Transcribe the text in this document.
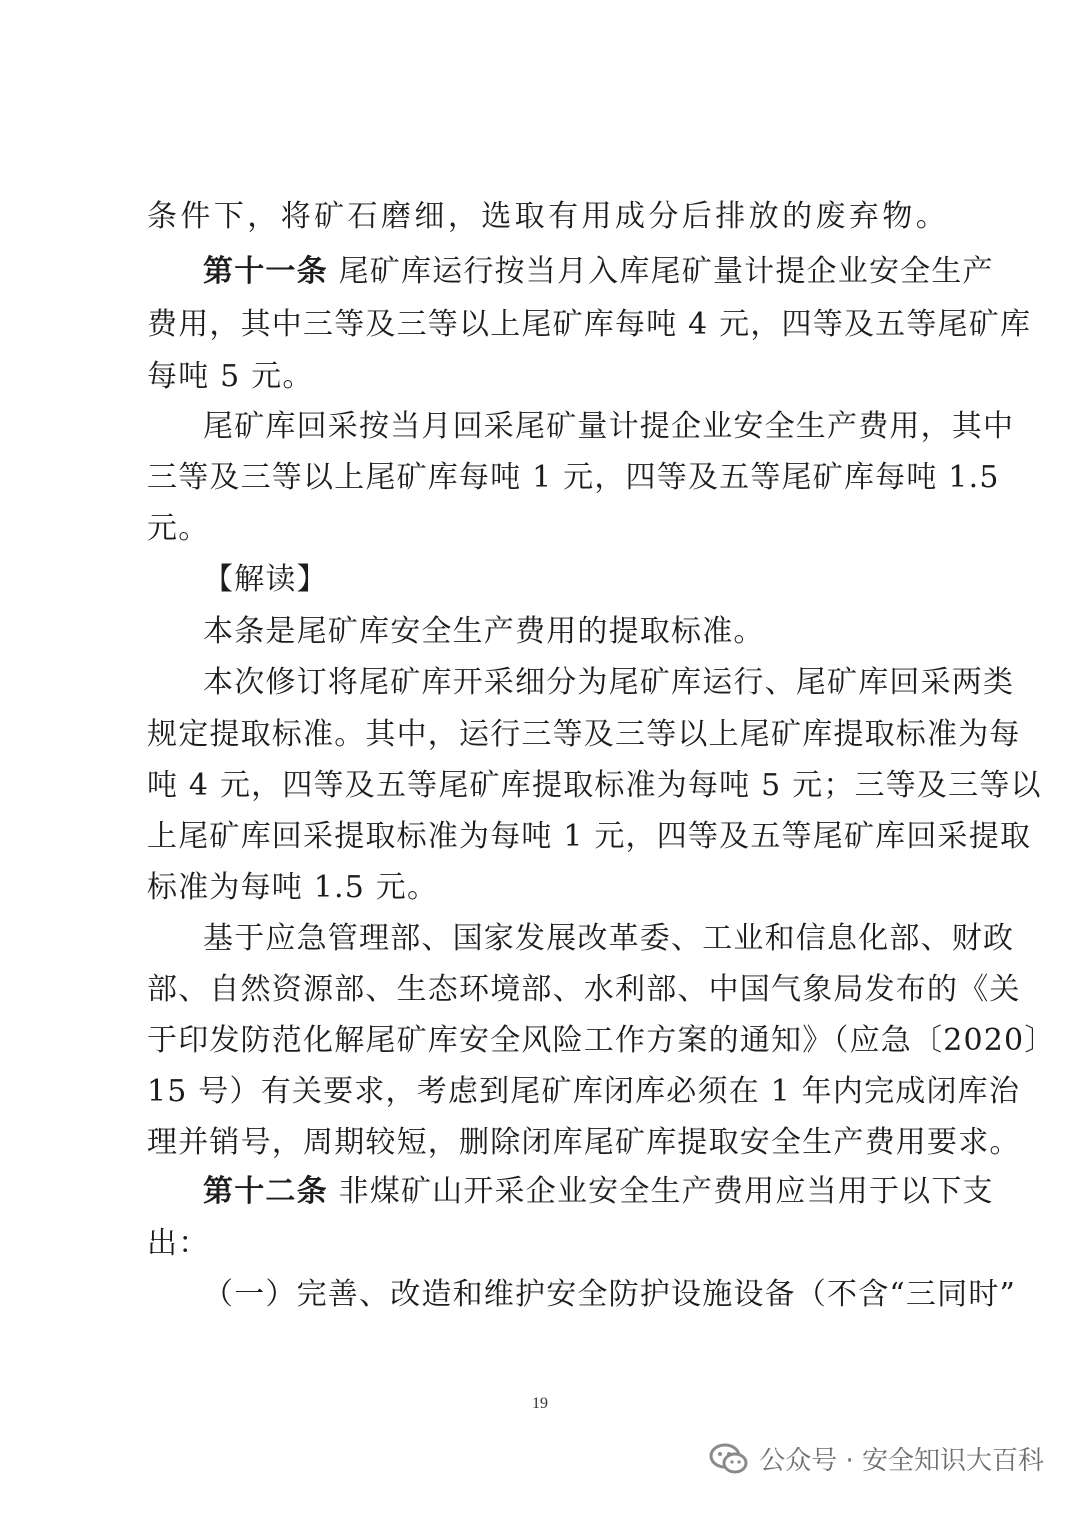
条件下，将矿石磨细，选取有用成分后排放的废弃物。
第十一条 尾矿库运行按当月入库尾矿量计提企业安全生产
费用，其中三等及三等以上尾矿库每吨 4 元，四等及五等尾矿库
每吨 5 元。
尾矿库回采按当月回采尾矿量计提企业安全生产费用，其中
三等及三等以上尾矿库每吨 1 元，四等及五等尾矿库每吨 1.5
元。
【解读】
本条是尾矿库安全生产费用的提取标准。
本次修订将尾矿库开采细分为尾矿库运行、尾矿库回采两类
规定提取标准。其中，运行三等及三等以上尾矿库提取标准为每
吨 4 元，四等及五等尾矿库提取标准为每吨 5 元；三等及三等以
上尾矿库回采提取标准为每吨 1 元，四等及五等尾矿库回采提取
标准为每吨 1.5 元。
基于应急管理部、国家发展改革委、工业和信息化部、财政
部、自然资源部、生态环境部、水利部、中国气象局发布的《关
于印发防范化解尾矿库安全风险工作方案的通知》（应急〔2020〕
15 号）有关要求，考虑到尾矿库闭库必须在 1 年内完成闭库治
理并销号，周期较短，删除闭库尾矿库提取安全生产费用要求。
第十二条 非煤矿山开采企业安全生产费用应当用于以下支
出：
（一）完善、改造和维护安全防护设施设备（不含“三同时”
19
公众号 · 安全知识大百科
